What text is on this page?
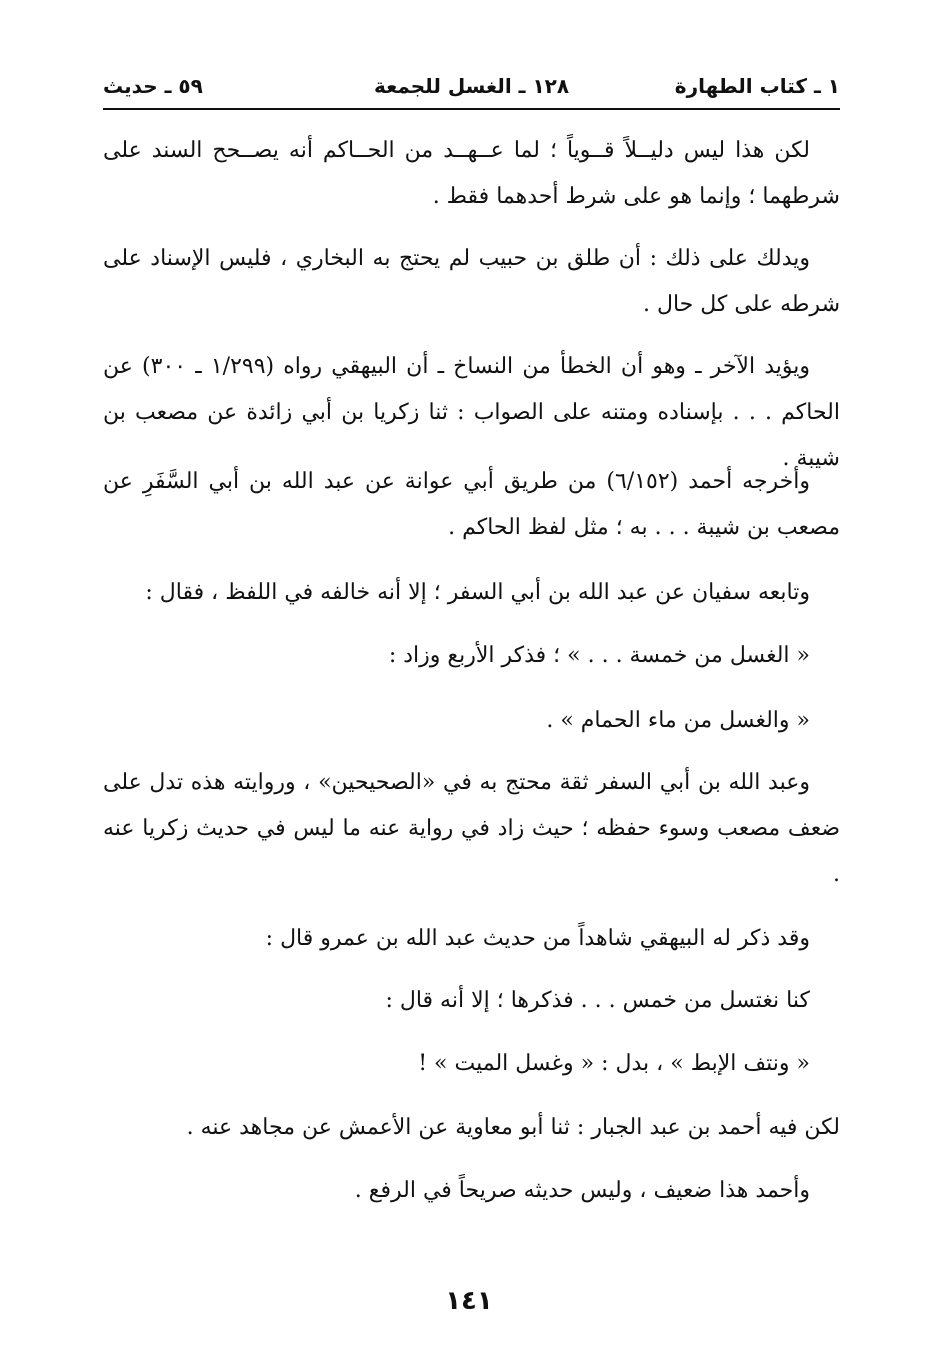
١ ـ كتاب الطهارة
١٢٨ ـ الغسل للجمعة
٥٩ ـ حديث

لكن هذا ليس دليــلاً قــوياً ؛ لما عــهــد من الحــاكم أنه يصــحح السند على شرطهما ؛ وإنما هو على شرط أحدهما فقط .

ويدلك على ذلك : أن طلق بن حبيب لم يحتج به البخاري ، فليس الإسناد على شرطه على كل حال .

ويؤيد الآخر ـ وهو أن الخطأ من النساخ ـ أن البيهقي رواه (١/٢٩٩ ـ ٣٠٠) عن الحاكم . . . بإسناده ومتنه على الصواب : ثنا زكريا بن أبي زائدة عن مصعب بن شيبة .

وأخرجه أحمد (٦/١٥٢) من طريق أبي عوانة عن عبد الله بن أبي السَّفَرِ عن مصعب بن شيبة . . . به ؛ مثل لفظ الحاكم .

وتابعه سفيان عن عبد الله بن أبي السفر ؛ إلا أنه خالفه في اللفظ ، فقال :
« الغسل من خمسة . . . » ؛ فذكر الأربع وزاد :
« والغسل من ماء الحمام » .

وعبد الله بن أبي السفر ثقة محتج به في «الصحيحين» ، وروايته هذه تدل على ضعف مصعب وسوء حفظه ؛ حيث زاد في رواية عنه ما ليس في حديث زكريا عنه .

وقد ذكر له البيهقي شاهداً من حديث عبد الله بن عمرو قال :
كنا نغتسل من خمس . . . فذكرها ؛ إلا أنه قال :
« ونتف الإبط » ، بدل : « وغسل الميت » !
لكن فيه أحمد بن عبد الجبار : ثنا أبو معاوية عن الأعمش عن مجاهد عنه .
وأحمد هذا ضعيف ، وليس حديثه صريحاً في الرفع .
١٤١
